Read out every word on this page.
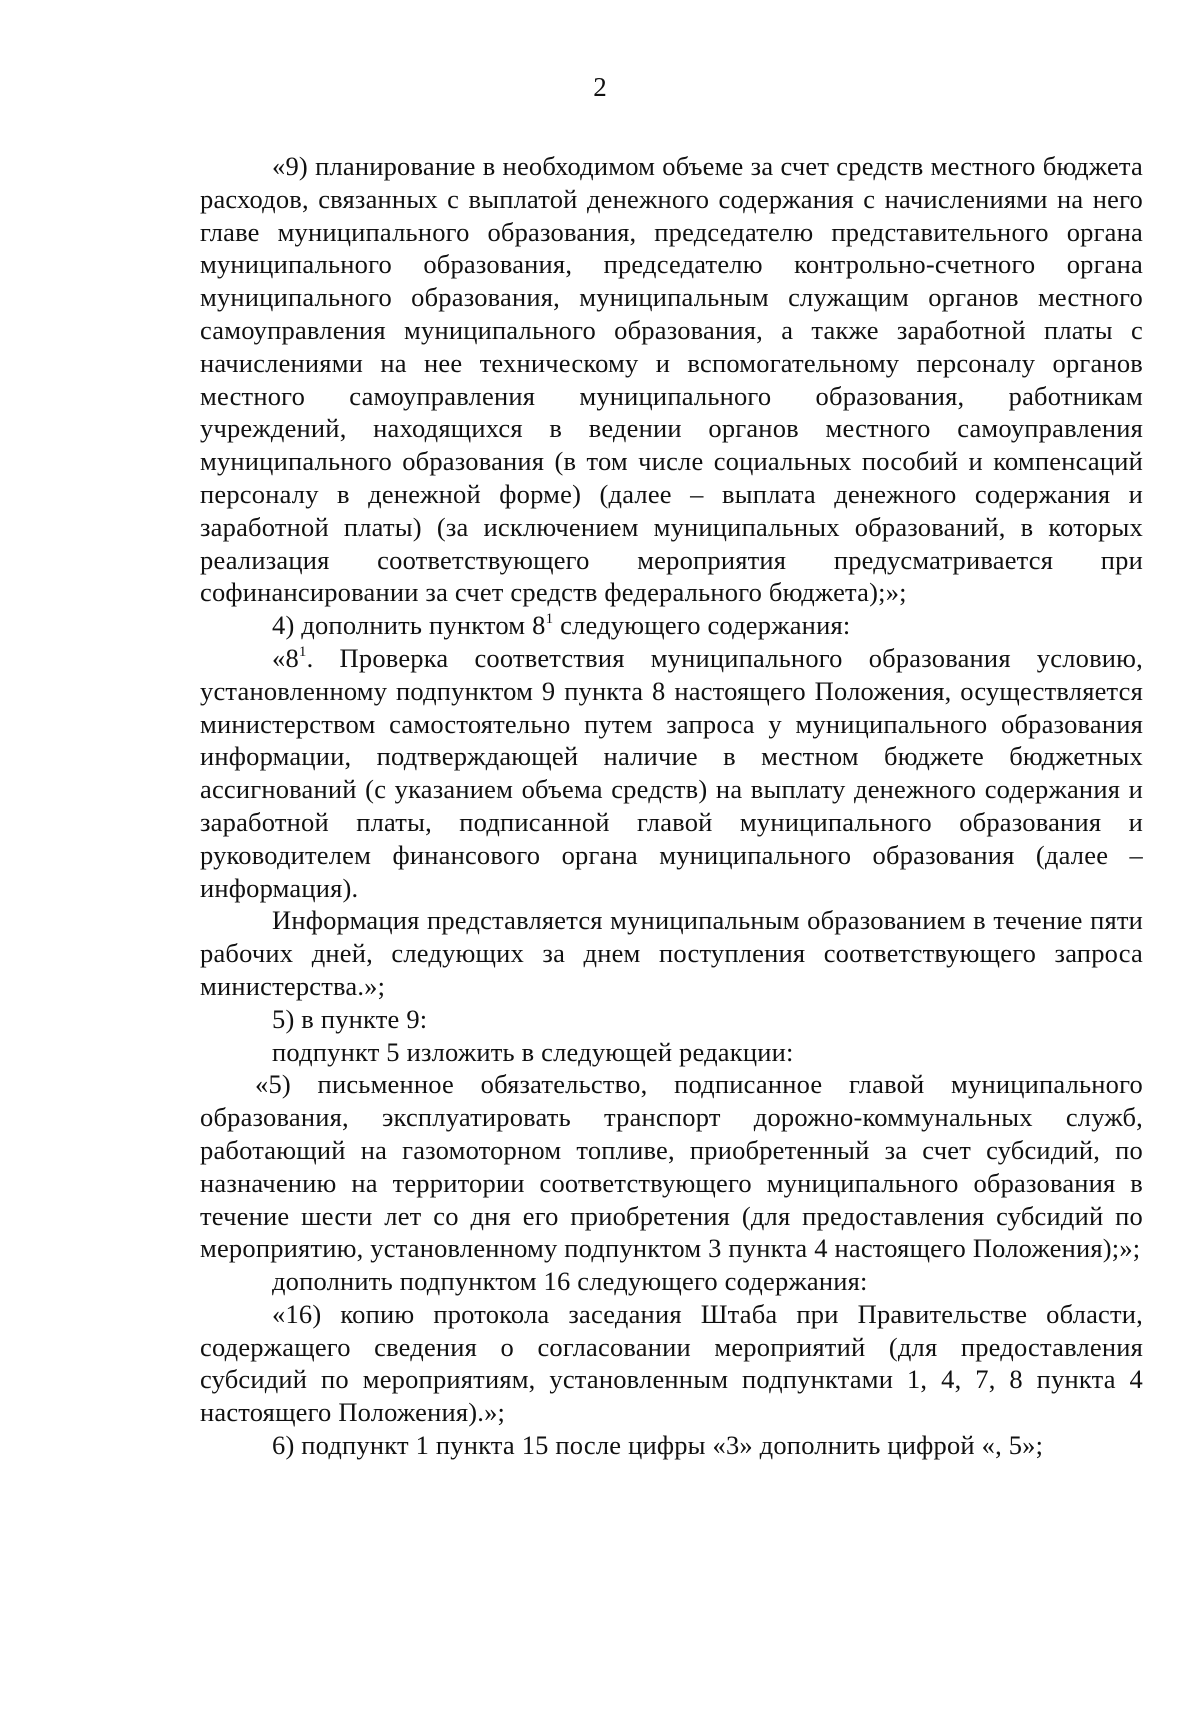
2

«9) планирование в необходимом объеме за счет средств местного бюджета расходов, связанных с выплатой денежного содержания с начислениями на него главе муниципального образования, председателю представительного органа муниципального образования, председателю контрольно-счетного органа муниципального образования, муниципальным служащим органов местного самоуправления муниципального образования, а также заработной платы с начислениями на нее техническому и вспомогательному персоналу органов местного самоуправления муниципального образования, работникам учреждений, находящихся в ведении органов местного самоуправления муниципального образования (в том числе социальных пособий и компенсаций персоналу в денежной форме) (далее – выплата денежного содержания и заработной платы) (за исключением муниципальных образований, в которых реализация соответствующего мероприятия предусматривается при софинансировании за счет средств федерального бюджета);»;

4) дополнить пунктом $8^1$ следующего содержания:

«$8^1$. Проверка соответствия муниципального образования условию, установленному подпунктом 9 пункта 8 настоящего Положения, осуществляется министерством самостоятельно путем запроса у муниципального образования информации, подтверждающей наличие в местном бюджете бюджетных ассигнований (с указанием объема средств) на выплату денежного содержания и заработной платы, подписанной главой муниципального образования и руководителем финансового органа муниципального образования (далее – информация).

Информация представляется муниципальным образованием в течение пяти рабочих дней, следующих за днем поступления соответствующего запроса министерства.»;

5) в пункте 9:

подпункт 5 изложить в следующей редакции:

«5) письменное обязательство, подписанное главой муниципального образования, эксплуатировать транспорт дорожно-коммунальных служб, работающий на газомоторном топливе, приобретенный за счет субсидий, по назначению на территории соответствующего муниципального образования в течение шести лет со дня его приобретения (для предоставления субсидий по мероприятию, установленному подпунктом 3 пункта 4 настоящего Положения);»;

дополнить подпунктом 16 следующего содержания:

«16) копию протокола заседания Штаба при Правительстве области, содержащего сведения о согласовании мероприятий (для предоставления субсидий по мероприятиям, установленным подпунктами 1, 4, 7, 8 пункта 4 настоящего Положения).»;

6) подпункт 1 пункта 15 после цифры «3» дополнить цифрой «, 5»;
